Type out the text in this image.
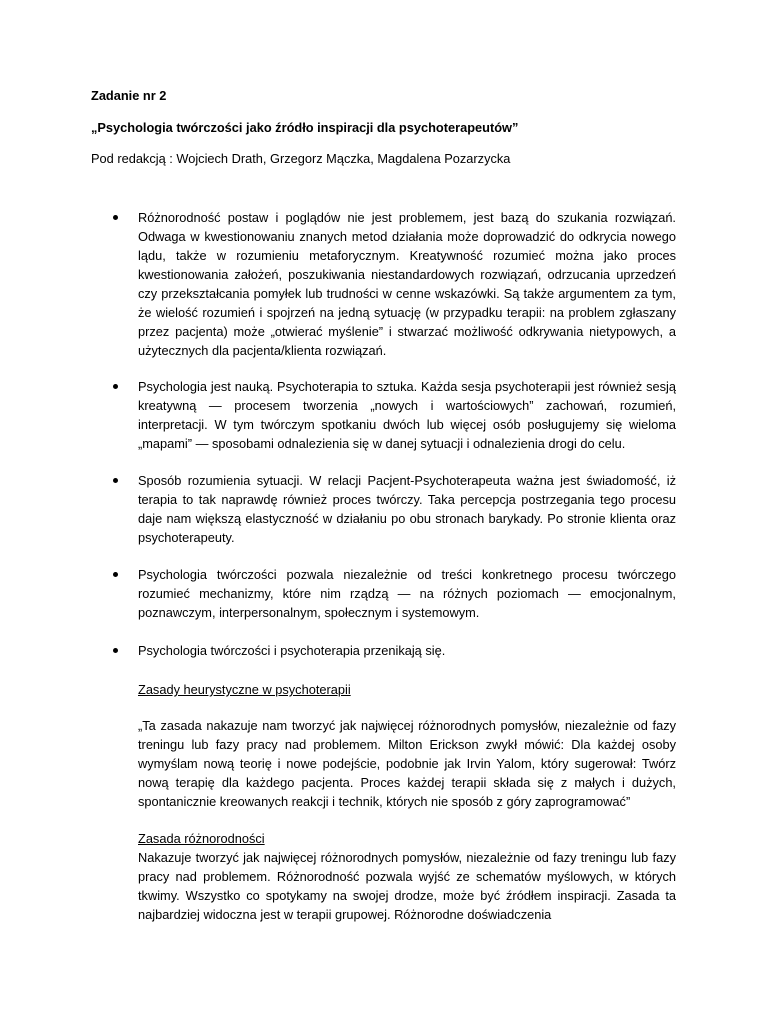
Zadanie nr 2
„Psychologia twórczości jako źródło inspiracji dla psychoterapeutów”
Pod redakcją : Wojciech Drath, Grzegorz Mączka, Magdalena Pozarzycka
Różnorodność postaw i poglądów nie jest problemem, jest bazą do szukania rozwiązań. Odwaga w kwestionowaniu znanych metod działania może doprowadzić do odkrycia nowego lądu, także w rozumieniu metaforycznym. Kreatywność rozumieć można jako proces kwestionowania założeń, poszukiwania niestandardowych rozwiązań, odrzucania uprzedzeń czy przekształcania pomyłek lub trudności w cenne wskazówki. Są także argumentem za tym, że wielość rozumień i spojrzeń na jedną sytuację (w przypadku terapii: na problem zgłaszany przez pacjenta) może „otwierać myślenie” i stwarzać możliwość odkrywania nietypowych, a użytecznych dla pacjenta/klienta rozwiązań.
Psychologia jest nauką. Psychoterapia to sztuka. Każda sesja psychoterapii jest również sesją kreatywną — procesem tworzenia „nowych i wartościowych” zachowań, rozumień, interpretacji. W tym twórczym spotkaniu dwóch lub więcej osób posługujemy się wieloma „mapami” — sposobami odnalezienia się w danej sytuacji i odnalezienia drogi do celu.
Sposób rozumienia sytuacji. W relacji Pacjent-Psychoterapeuta ważna jest świadomość, iż terapia to tak naprawdę również proces twórczy. Taka percepcja postrzegania tego procesu daje nam większą elastyczność w działaniu po obu stronach barykady. Po stronie klienta oraz psychoterapeuty.
Psychologia twórczości pozwala niezależnie od treści konkretnego procesu twórczego rozumieć mechanizmy, które nim rządzą — na różnych poziomach — emocjonalnym, poznawczym, interpersonalnym, społecznym i systemowym.
Psychologia twórczości i psychoterapia przenikają się.
Zasady heurystyczne w psychoterapii
„Ta zasada nakazuje nam tworzyć jak najwięcej różnorodnych pomysłów, niezależnie od fazy treningu lub fazy pracy nad problemem. Milton Erickson zwykł mówić: Dla każdej osoby wymyślam nową teorię i nowe podejście, podobnie jak Irvin Yalom, który sugerował: Twórz nową terapię dla każdego pacjenta. Proces każdej terapii składa się z małych i dużych, spontanicznie kreowanych reakcji i technik, których nie sposób z góry zaprogramować”
Zasada różnorodności
Nakazuje tworzyć jak najwięcej różnorodnych pomysłów, niezależnie od fazy treningu lub fazy pracy nad problemem. Różnorodność pozwala wyjść ze schematów myślowych, w których tkwimy. Wszystko co spotykamy na swojej drodze, może być źródłem inspiracji. Zasada ta najbardziej widoczna jest w terapii grupowej. Różnorodne doświadczenia
